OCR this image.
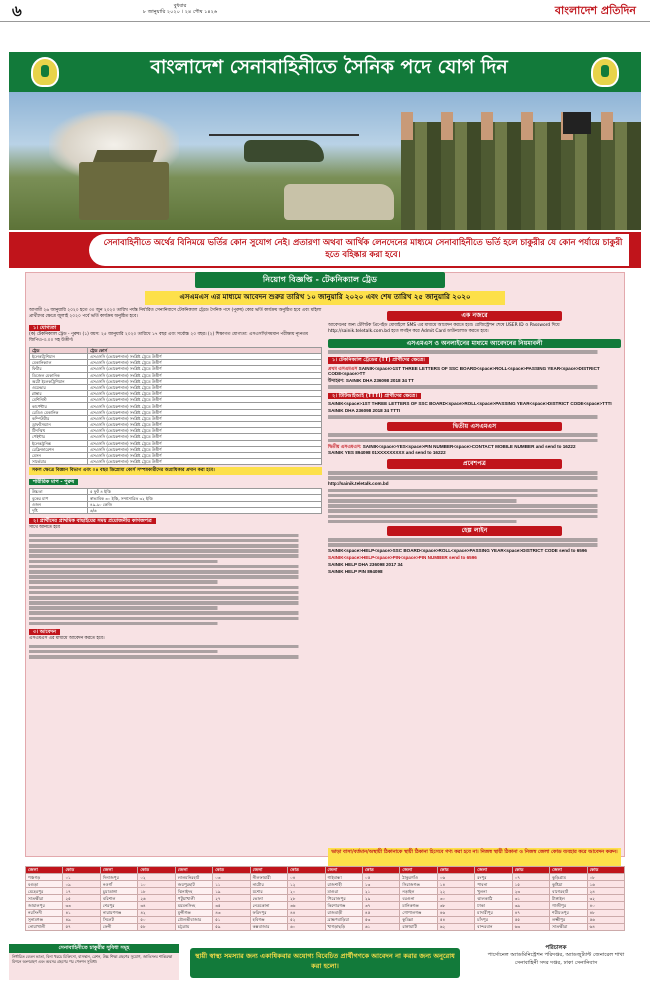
৬	বুধবার
৮ জানুয়ারি ২০২০ । ২৪ পৌষ ১৪২৬	বাংলাদেশ প্রতিদিন
বাংলাদেশ সেনাবাহিনীতে সৈনিক পদে যোগ দিন
সেনাবাহিনীতে অর্থের বিনিময়ে ভর্তির কোন সুযোগ নেই। প্রতারণা অথবা আর্থিক লেনদেনের মাধ্যমে সেনাবাহিনীতে ভর্তি হলে চাকুরীর যে কোন পর্যায়ে চাকুরী হতে বহিষ্কার করা হবে।
নিয়োগ বিজ্ঞপ্তি - টেকনিক্যাল ট্রেড
এসএমএস এর মাধ্যমে আবেদন শুরুর তারিখ ১০ জানুয়ারি ২০২০ এবং শেষ তারিখ ২৫ জানুয়ারি ২০২০

আগামী ২৬ জানুয়ারি ২০২০ হতে ৩০ জুন ২০২০ তারিখ পর্যন্ত নির্ধারিত সেনানিবাসে টেকনিক্যাল ট্রেডে সৈনিক পদে (পুরুষ) কোর ভর্তি কার্যক্রম অনুষ্ঠিত হবে এবং মহিলা প্রার্থীদের ক্ষেত্রে জুলাই ২০২০ পর্বে ভর্তি কার্যক্রম অনুষ্ঠিত হবে।

১। যোগ্যতা

(ক) টেকনিক্যাল ট্রেড - পুরুষ। (১) বয়স: ২৫ জানুয়ারি ২০২০ তারিখে ১৭ বছর এবং সর্বোচ্চ ২০ বছর। (২) শিক্ষাগত যোগ্যতা: এসএসসি/সমমান পরীক্ষায় ন্যূনতম জিপিএ-৩.০০ সহ উত্তীর্ণ।

ট্রেড	ট্রেড কোর্স
ইলেকট্রিশিয়ান	এসএসসি (ভোকেশনাল) সংশ্লিষ্ট ট্রেডে উত্তীর্ণ
মেকানিক্যাল	এসএসসি (ভোকেশনাল) সংশ্লিষ্ট ট্রেডে উত্তীর্ণ
ফিটার	এসএসসি (ভোকেশনাল) সংশ্লিষ্ট ট্রেডে উত্তীর্ণ
ডিজেল মেকানিক	এসএসসি (ভোকেশনাল) সংশ্লিষ্ট ট্রেডে উত্তীর্ণ
অটো ইলেকট্রিশিয়ান	এসএসসি (ভোকেশনাল) সংশ্লিষ্ট ট্রেডে উত্তীর্ণ
ওয়েল্ডার	এসএসসি (ভোকেশনাল) সংশ্লিষ্ট ট্রেডে উত্তীর্ণ
প্লাম্বার	এসএসসি (ভোকেশনাল) সংশ্লিষ্ট ট্রেডে উত্তীর্ণ
মেশিনিস্ট	এসএসসি (ভোকেশনাল) সংশ্লিষ্ট ট্রেডে উত্তীর্ণ
কার্পেন্টার	এসএসসি (ভোকেশনাল) সংশ্লিষ্ট ট্রেডে উত্তীর্ণ
রেডিও মেকানিক	এসএসসি (ভোকেশনাল) সংশ্লিষ্ট ট্রেডে উত্তীর্ণ
কম্পিউটার	এসএসসি (ভোকেশনাল) সংশ্লিষ্ট ট্রেডে উত্তীর্ণ
ড্রাফটসম্যান	এসএসসি (ভোকেশনাল) সংশ্লিষ্ট ট্রেডে উত্তীর্ণ
টিনস্মিথ	এসএসসি (ভোকেশনাল) সংশ্লিষ্ট ট্রেডে উত্তীর্ণ
পেইন্টার	এসএসসি (ভোকেশনাল) সংশ্লিষ্ট ট্রেডে উত্তীর্ণ
ইলেকট্রনিক্স	এসএসসি (ভোকেশনাল) সংশ্লিষ্ট ট্রেডে উত্তীর্ণ
রেফ্রিজারেশন	এসএসসি (ভোকেশনাল) সংশ্লিষ্ট ট্রেডে উত্তীর্ণ
মেসন	এসএসসি (ভোকেশনাল) সংশ্লিষ্ট ট্রেডে উত্তীর্ণ
সার্ভেয়ার	এসএসসি (ভোকেশনাল) সংশ্লিষ্ট ট্রেডে উত্তীর্ণ
সকল ক্ষেত্রে বিজ্ঞান বিভাগ এবং ০৪ বছর ডিপ্লোমা কোর্স সম্পন্নকারীদের অগ্রাধিকার প্রদান করা হবে।
শারীরিক মাপ - পুরুষ
উচ্চতা	৫ ফুট ৪ ইঞ্চি
বুকের মাপ	স্বাভাবিক ৩০ ইঞ্চি, সম্প্রসারিত ৩২ ইঞ্চি
ওজন	৪৯.৯০ কেজি
দৃষ্টি	৬/৬
২। প্রার্থীদের প্রাথমিক বাছাইয়ের সময় প্রয়োজনীয় কাগজপত্র

সাথে আনতে হবে

৩। আবেদন

এসএমএস এর মাধ্যমে আবেদন করতে হবে।

এক নজরে

আবেদনের জন্য টেলিটক প্রিপেইড মোবাইলে SMS এর মাধ্যমে আবেদন করতে হবে। রেজিস্ট্রেশন শেষে USER ID ও Password দিয়ে http://sainik.teletalk.com.bd হতে লগইন করে Admit Card ডাউনলোড করতে হবে।

এসএমএস ও অনলাইনের মাধ্যমে আবেদনের নিয়মাবলী
১। টেকনিক্যাল ট্রেডের (TT) প্রার্থীদের ক্ষেত্রে।
প্রথম এসএমএস SAINIK<space>1ST THREE LETTERS OF SSC BOARD<space>ROLL<space>PASSING YEAR<space>DISTRICT CODE<space>TT
উদাহরণ: SAINIK DHA 236098 2018 34 TT
২। টিটিআইআই (TTTI) প্রার্থীদের ক্ষেত্রে।
SAINIK<space>1ST THREE LETTERS OF SSC BOARD<space>ROLL<space>PASSING YEAR<space>DISTRICT CODE<space>TTTI
SAINIK DHA 236098 2018 34 TTTI
দ্বিতীয় এসএমএস
দ্বিতীয় এসএমএস: SAINIK<space>YES<space>PIN NUMBER<space>CONTACT MOBILE NUMBER and send to 16222
SAINIK YES 894098 01XXXXXXXXX and send to 16222
প্রবেশপত্র
http://sainik.teletalk.com.bd
হেল্প লাইন
SAINIK<space>HELP<space>SSC BOARD<space>ROLL<space>PASSING YEAR<space>DISTRICT CODE send to 6596
SAINIK<space>HELP<space>PIN<space>PIN NUMBER send to 6596
SAINIK HELP DHA 236098 2017 34
SAINIK HELP PIN 894098
ভাড়া বাসা/বর্তমান/অস্থায়ী ঠিকানাকে স্থায়ী ঠিকানা হিসেবে গণ্য করা হবে না। নিজস্ব স্থায়ী ঠিকানা ও নিজস্ব জেলা কোড ব্যবহার করে আবেদন করুন।
জেলা	কোড	জেলা	কোড	জেলা	কোড	জেলা	কোড	জেলা	কোড	জেলা	কোড	জেলা	কোড	জেলা	কোড
পঞ্চগড়	০১	দিনাজপুর	০২	লালমনিরহাট	০৩	নীলফামারী	০৪	গাইবান্ধা	০৫	ঠাকুরগাঁও	০৬	রংপুর	০৭	কুড়িগ্রাম	০৮
বগুড়া	০৯	নওগাঁ	১০	জয়পুরহাট	১১	নাটোর	১২	রাজশাহী	১৩	সিরাজগঞ্জ	১৪	পাবনা	১৫	কুষ্টিয়া	১৬
মেহেরপুর	১৭	চুয়াডাঙ্গা	১৮	ঝিনাইদহ	১৯	যশোর	২০	মাগুরা	২১	নড়াইল	২২	খুলনা	২৩	বাগেরহাট	২৪
সাতক্ষীরা	২৫	বরিশাল	২৬	পটুয়াখালী	২৭	ভোলা	২৮	পিরোজপুর	২৯	বরগুনা	৩০	ঝালকাঠি	৩১	টাঙ্গাইল	৩২
জামালপুর	৩৩	শেরপুর	৩৪	ময়মনসিংহ	৩৫	নেত্রকোনা	৩৬	কিশোরগঞ্জ	৩৭	মানিকগঞ্জ	৩৮	ঢাকা	৩৯	গাজীপুর	৪০
নরসিংদী	৪১	নারায়ণগঞ্জ	৪২	মুন্সীগঞ্জ	৪৩	ফরিদপুর	৪৪	রাজবাড়ী	৪৫	গোপালগঞ্জ	৪৬	মাদারীপুর	৪৭	শরীয়তপুর	৪৮
সুনামগঞ্জ	৪৯	সিলেট	৫০	মৌলভীবাজার	৫১	হবিগঞ্জ	৫২	ব্রাহ্মণবাড়িয়া	৫৩	কুমিল্লা	৫৪	চাঁদপুর	৫৫	লক্ষ্মীপুর	৫৬
নোয়াখালী	৫৭	ফেনী	৫৮	চট্টগ্রাম	৫৯	কক্সবাজার	৬০	খাগড়াছড়ি	৬১	রাঙ্গামাটি	৬২	বান্দরবান	৬৩	সাতক্ষীরা	৬৪
সেনাবাহিনীতে চাকুরীর সুবিধা সমূহ
নির্ধারিত বেতন ভাতা, বিনা খরচে চিকিৎসা, বাসস্থান, রেশন, উচ্চ শিক্ষা গ্রহণের সুযোগ, জাতিসংঘ শান্তিরক্ষা মিশনে অংশগ্রহণ এবং অবসর গ্রহণের পর পেনশন সুবিধা।
স্থায়ী স্বাস্থ্য সমস্যার জন্য একাধিকবার অযোগ্য বিবেচিত প্রার্থীগণকে আবেদন না করার জন্য অনুরোধ করা হলো।
পরিচালক
পার্সোনেল অ্যাডমিনিস্ট্রেশন পরিদপ্তর, অ্যাডজুট্যান্ট জেনারেল শাখা
সেনাবাহিনী সদর দপ্তর, ঢাকা সেনানিবাস
